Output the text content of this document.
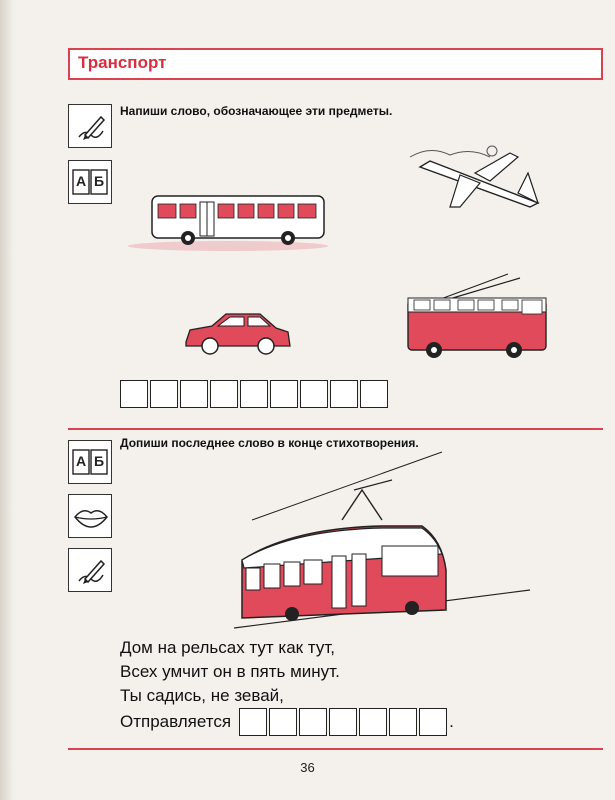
Транспорт
А Б
Напиши слово, обозначающее эти предметы.
А Б
Допиши последнее слово в конце стихотворения.
Дом на рельсах тут как тут,
Всех умчит он в пять минут.
Ты садись, не зевай,
Отправляется	.
36
